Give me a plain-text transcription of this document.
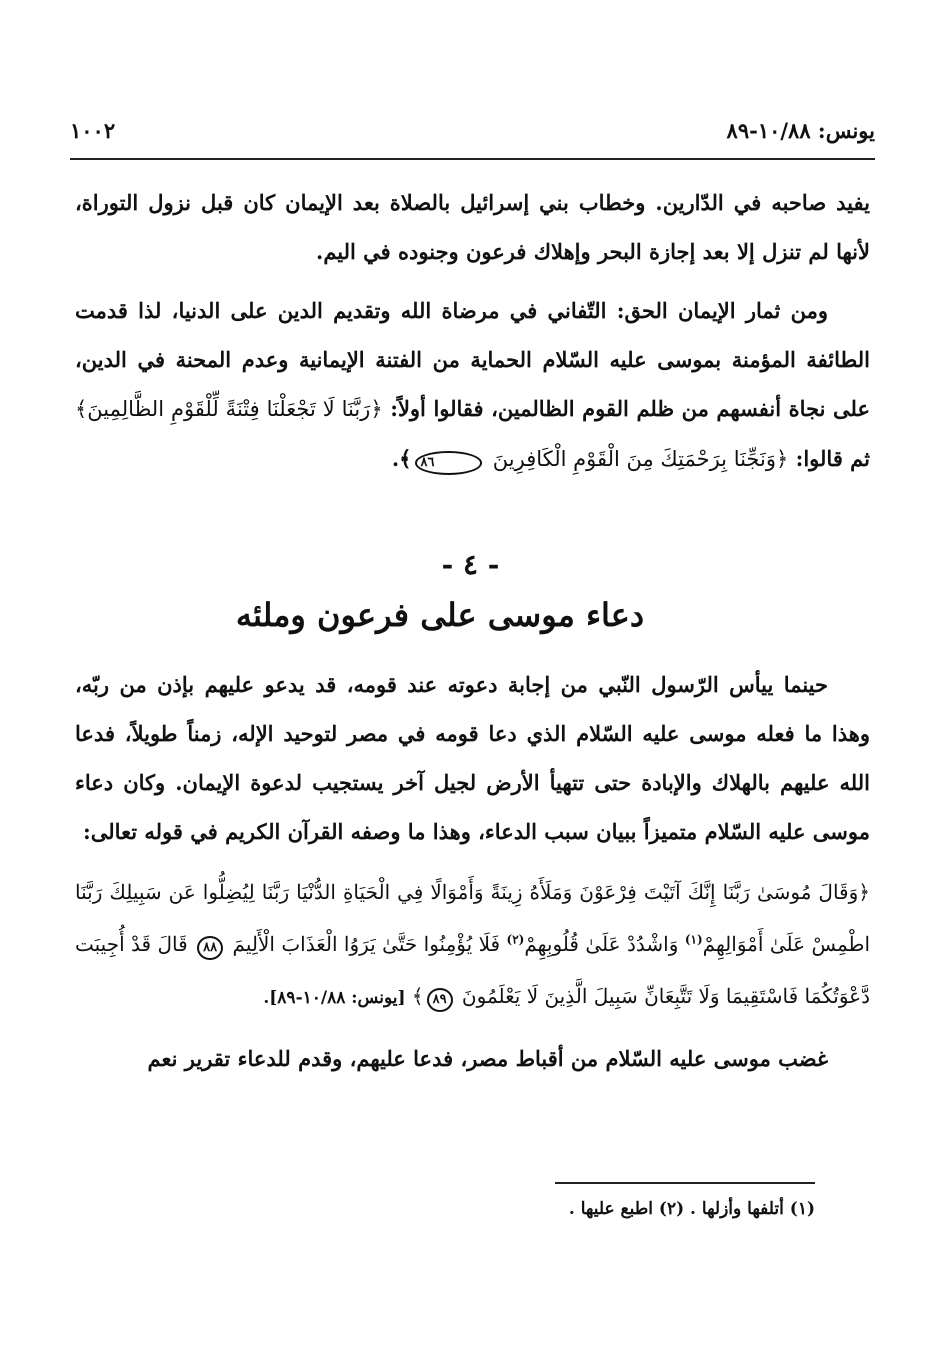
يونس: ١٠/٨٨-٨٩
١٠٠٢

يفيد صاحبه في الدّارين. وخطاب بني إسرائيل بالصلاة بعد الإيمان كان قبل نزول التوراة، لأنها لم تنزل إلا بعد إجازة البحر وإهلاك فرعون وجنوده في اليم.

ومن ثمار الإيمان الحق: التّفاني في مرضاة الله وتقديم الدين على الدنيا، لذا قدمت الطائفة المؤمنة بموسى عليه السّلام الحماية من الفتنة الإيمانية وعدم المحنة في الدين، على نجاة أنفسهم من ظلم القوم الظالمين، فقالوا أولاً: ﴿رَبَّنَا لَا تَجْعَلْنَا فِتْنَةً لِّلْقَوْمِ الظَّالِمِينَ﴾ ثم قالوا: ﴿وَنَجِّنَا بِرَحْمَتِكَ مِنَ الْقَوْمِ الْكَافِرِينَ ٨٦﴾.

- ٤ -
دعاء موسى على فرعون وملئه

حينما ييأس الرّسول النّبي من إجابة دعوته عند قومه، قد يدعو عليهم بإذن من ربّه، وهذا ما فعله موسى عليه السّلام الذي دعا قومه في مصر لتوحيد الإله، زمناً طويلاً، فدعا الله عليهم بالهلاك والإبادة حتى تتهيأ الأرض لجيل آخر يستجيب لدعوة الإيمان. وكان دعاء موسى عليه السّلام متميزاً ببيان سبب الدعاء، وهذا ما وصفه القرآن الكريم في قوله تعالى:

﴿وَقَالَ مُوسَىٰ رَبَّنَا إِنَّكَ آتَيْتَ فِرْعَوْنَ وَمَلَأَهُ زِينَةً وَأَمْوَالًا فِي الْحَيَاةِ الدُّنْيَا رَبَّنَا لِيُضِلُّوا عَن سَبِيلِكَ رَبَّنَا اطْمِسْ عَلَىٰ أَمْوَالِهِمْ$^{(١)}$ وَاشْدُدْ عَلَىٰ قُلُوبِهِمْ$^{(٢)}$ فَلَا يُؤْمِنُوا حَتَّىٰ يَرَوُا الْعَذَابَ الْأَلِيمَ ٨٨ قَالَ قَدْ أُجِيبَت دَّعْوَتُكُمَا فَاسْتَقِيمَا وَلَا تَتَّبِعَانِّ سَبِيلَ الَّذِينَ لَا يَعْلَمُونَ ٨٩﴾ [يونس: ١٠/٨٨-٨٩].

غضب موسى عليه السّلام من أقباط مصر، فدعا عليهم، وقدم للدعاء تقرير نعم

(١) أتلفها وأزلها . (٢) اطبع عليها .
